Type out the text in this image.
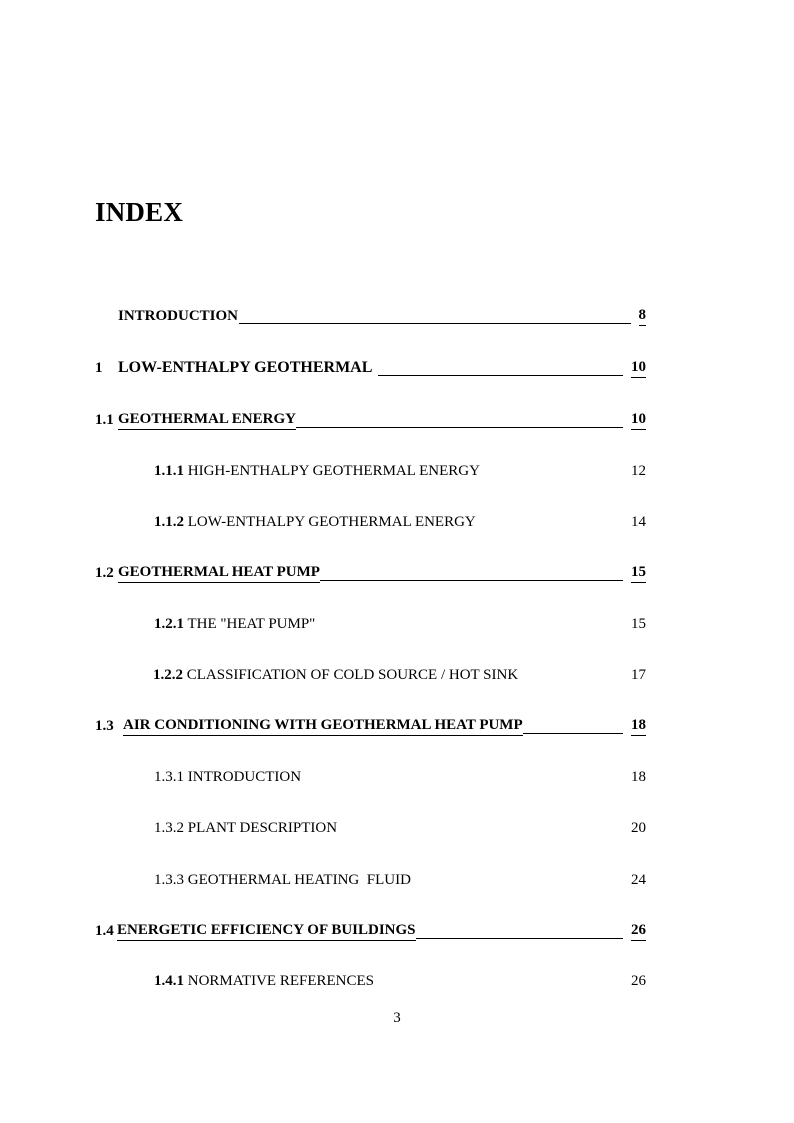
INDEX
INTRODUCTION	8
1 LOW-ENTHALPY GEOTHERMAL	10
1.1 GEOTHERMAL ENERGY	10
1.1.1 HIGH-ENTHALPY GEOTHERMAL ENERGY	12
1.1.2 LOW-ENTHALPY GEOTHERMAL ENERGY	14
1.2 GEOTHERMAL HEAT PUMP	15
1.2.1 THE "HEAT PUMP"	15
1.2.2 CLASSIFICATION OF COLD SOURCE / HOT SINK	17
1.3 AIR CONDITIONING WITH GEOTHERMAL HEAT PUMP	18
1.3.1 INTRODUCTION	18
1.3.2 PLANT DESCRIPTION	20
1.3.3 GEOTHERMAL HEATING  FLUID	24
1.4 ENERGETIC EFFICIENCY OF BUILDINGS	26
1.4.1 NORMATIVE REFERENCES	26
3
